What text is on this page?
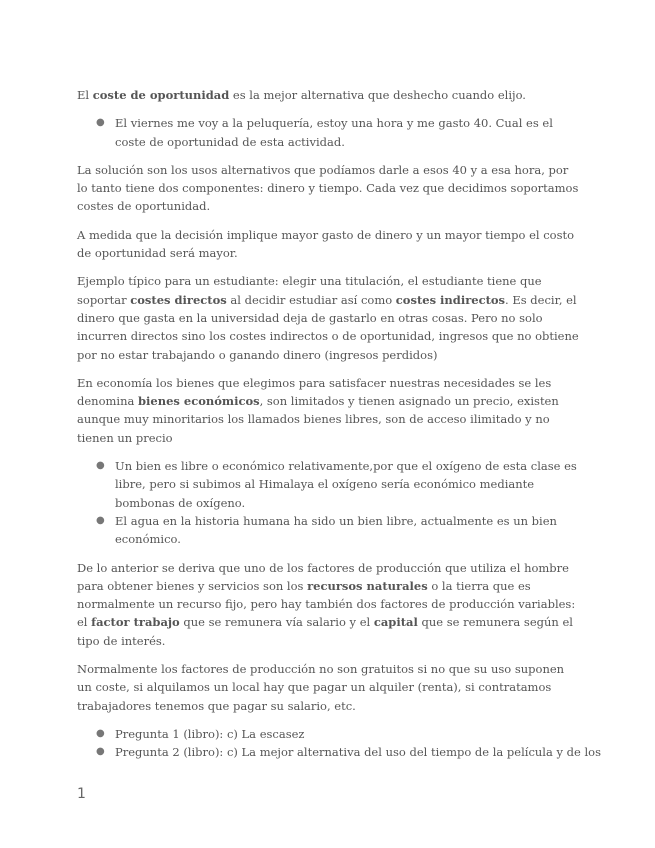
El coste de oportunidad es la mejor alternativa que deshecho cuando elijo.

● El viernes me voy a la peluquería, estoy una hora y me gasto 40. Cual es el coste de oportunidad de esta actividad.

La solución son los usos alternativos que podíamos darle a esos 40 y a esa hora, por lo tanto tiene dos componentes: dinero y tiempo. Cada vez que decidimos soportamos costes de oportunidad.

A medida que la decisión implique mayor gasto de dinero y un mayor tiempo el costo de oportunidad será mayor.

Ejemplo típico para un estudiante: elegir una titulación, el estudiante tiene que soportar costes directos al decidir estudiar así como costes indirectos. Es decir, el dinero que gasta en la universidad deja de gastarlo en otras cosas. Pero no solo incurren directos sino los costes indirectos o de oportunidad, ingresos que no obtiene por no estar trabajando o ganando dinero (ingresos perdidos)

En economía los bienes que elegimos para satisfacer nuestras necesidades se les denomina bienes económicos, son limitados y tienen asignado un precio, existen aunque muy minoritarios los llamados bienes libres, son de acceso ilimitado y no tienen un precio

● Un bien es libre o económico relativamente,por que el oxígeno de esta clase es libre, pero si subimos al Himalaya el oxígeno sería económico mediante bombonas de oxígeno.
● El agua en la historia humana ha sido un bien libre, actualmente es un bien económico.

De lo anterior se deriva que uno de los factores de producción que utiliza el hombre para obtener bienes y servicios son los recursos naturales o la tierra que es normalmente un recurso fijo, pero hay también dos factores de producción variables: el factor trabajo que se remunera vía salario y el capital que se remunera según el tipo de interés.

Normalmente los factores de producción no son gratuitos si no que su uso suponen un coste, si alquilamos un local hay que pagar un alquiler (renta), si contratamos trabajadores tenemos que pagar su salario, etc.

● Pregunta 1 (libro): c) La escasez
● Pregunta 2 (libro): c) La mejor alternativa del uso del tiempo de la película y de los
1
